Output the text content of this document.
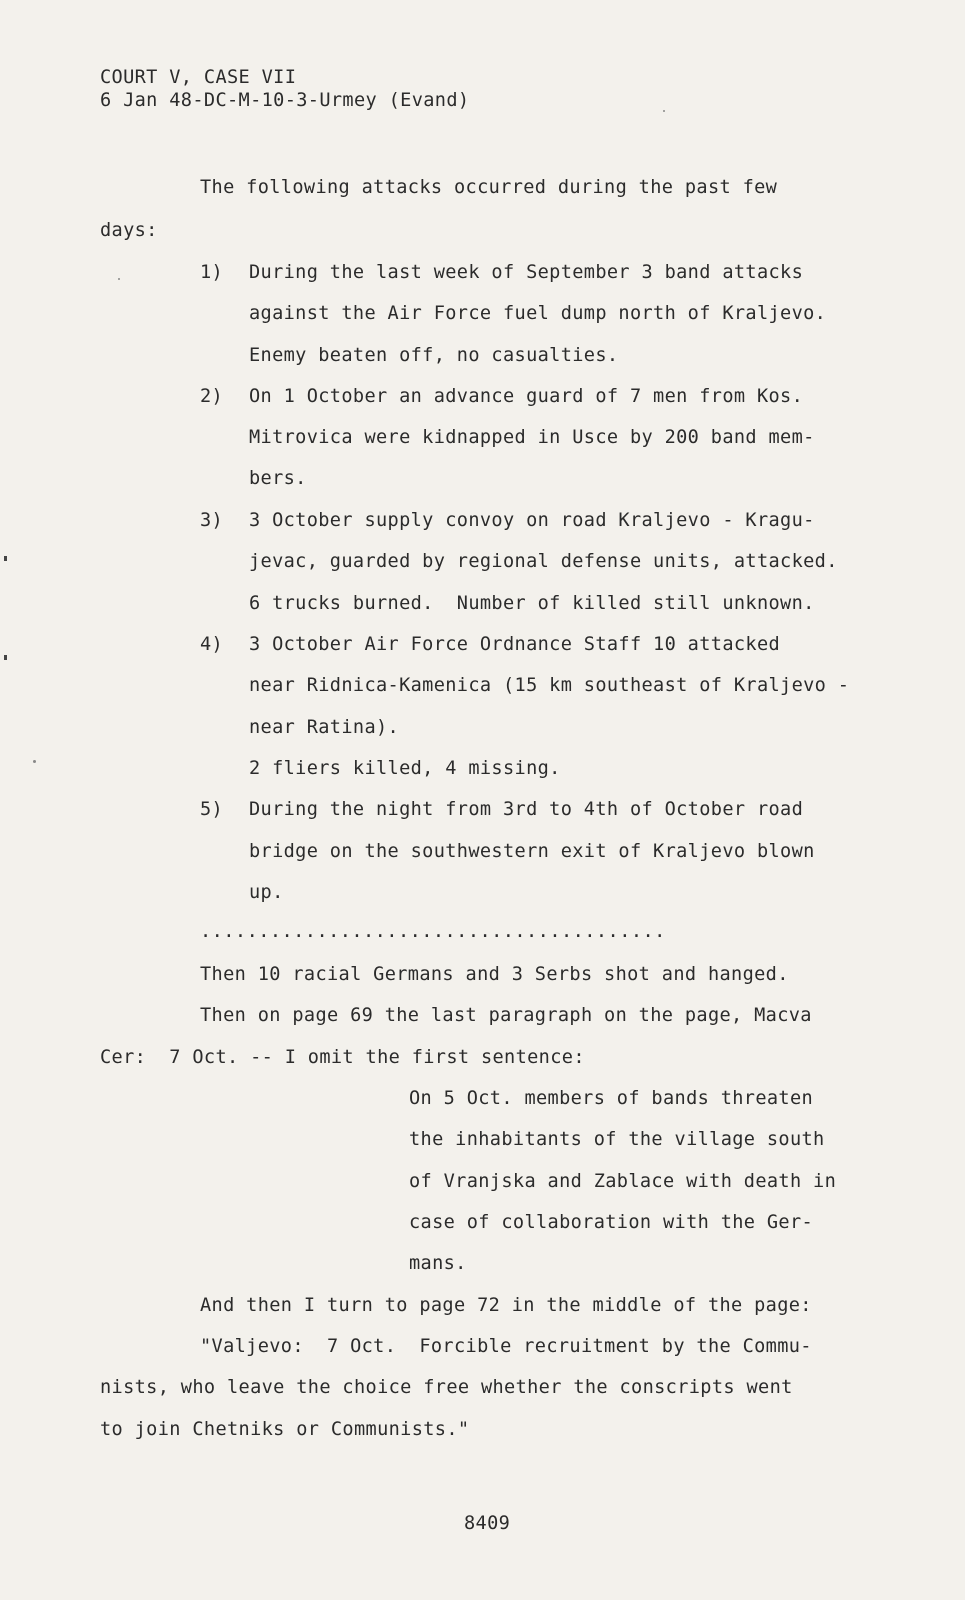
COURT V, CASE VII
6 Jan 48-DC-M-10-3-Urmey (Evand)
The following attacks occurred during the past few
days:
1) During the last week of September 3 band attacks
against the Air Force fuel dump north of Kraljevo.
Enemy beaten off, no casualties.
2) On 1 October an advance guard of 7 men from Kos.
Mitrovica were kidnapped in Usce by 200 band mem-
bers.
3) 3 October supply convoy on road Kraljevo - Kragu-
jevac, guarded by regional defense units, attacked.
6 trucks burned.  Number of killed still unknown.
4) 3 October Air Force Ordnance Staff 10 attacked
near Ridnica-Kamenica (15 km southeast of Kraljevo -
near Ratina).
2 fliers killed, 4 missing.
5) During the night from 3rd to 4th of October road
bridge on the southwestern exit of Kraljevo blown
up.
........................................
Then 10 racial Germans and 3 Serbs shot and hanged.
Then on page 69 the last paragraph on the page, Macva
Cer:  7 Oct. -- I omit the first sentence:
On 5 Oct. members of bands threaten
the inhabitants of the village south
of Vranjska and Zablace with death in
case of collaboration with the Ger-
mans.
And then I turn to page 72 in the middle of the page:
"Valjevo:  7 Oct.  Forcible recruitment by the Commu-
nists, who leave the choice free whether the conscripts went
to join Chetniks or Communists."
8409
